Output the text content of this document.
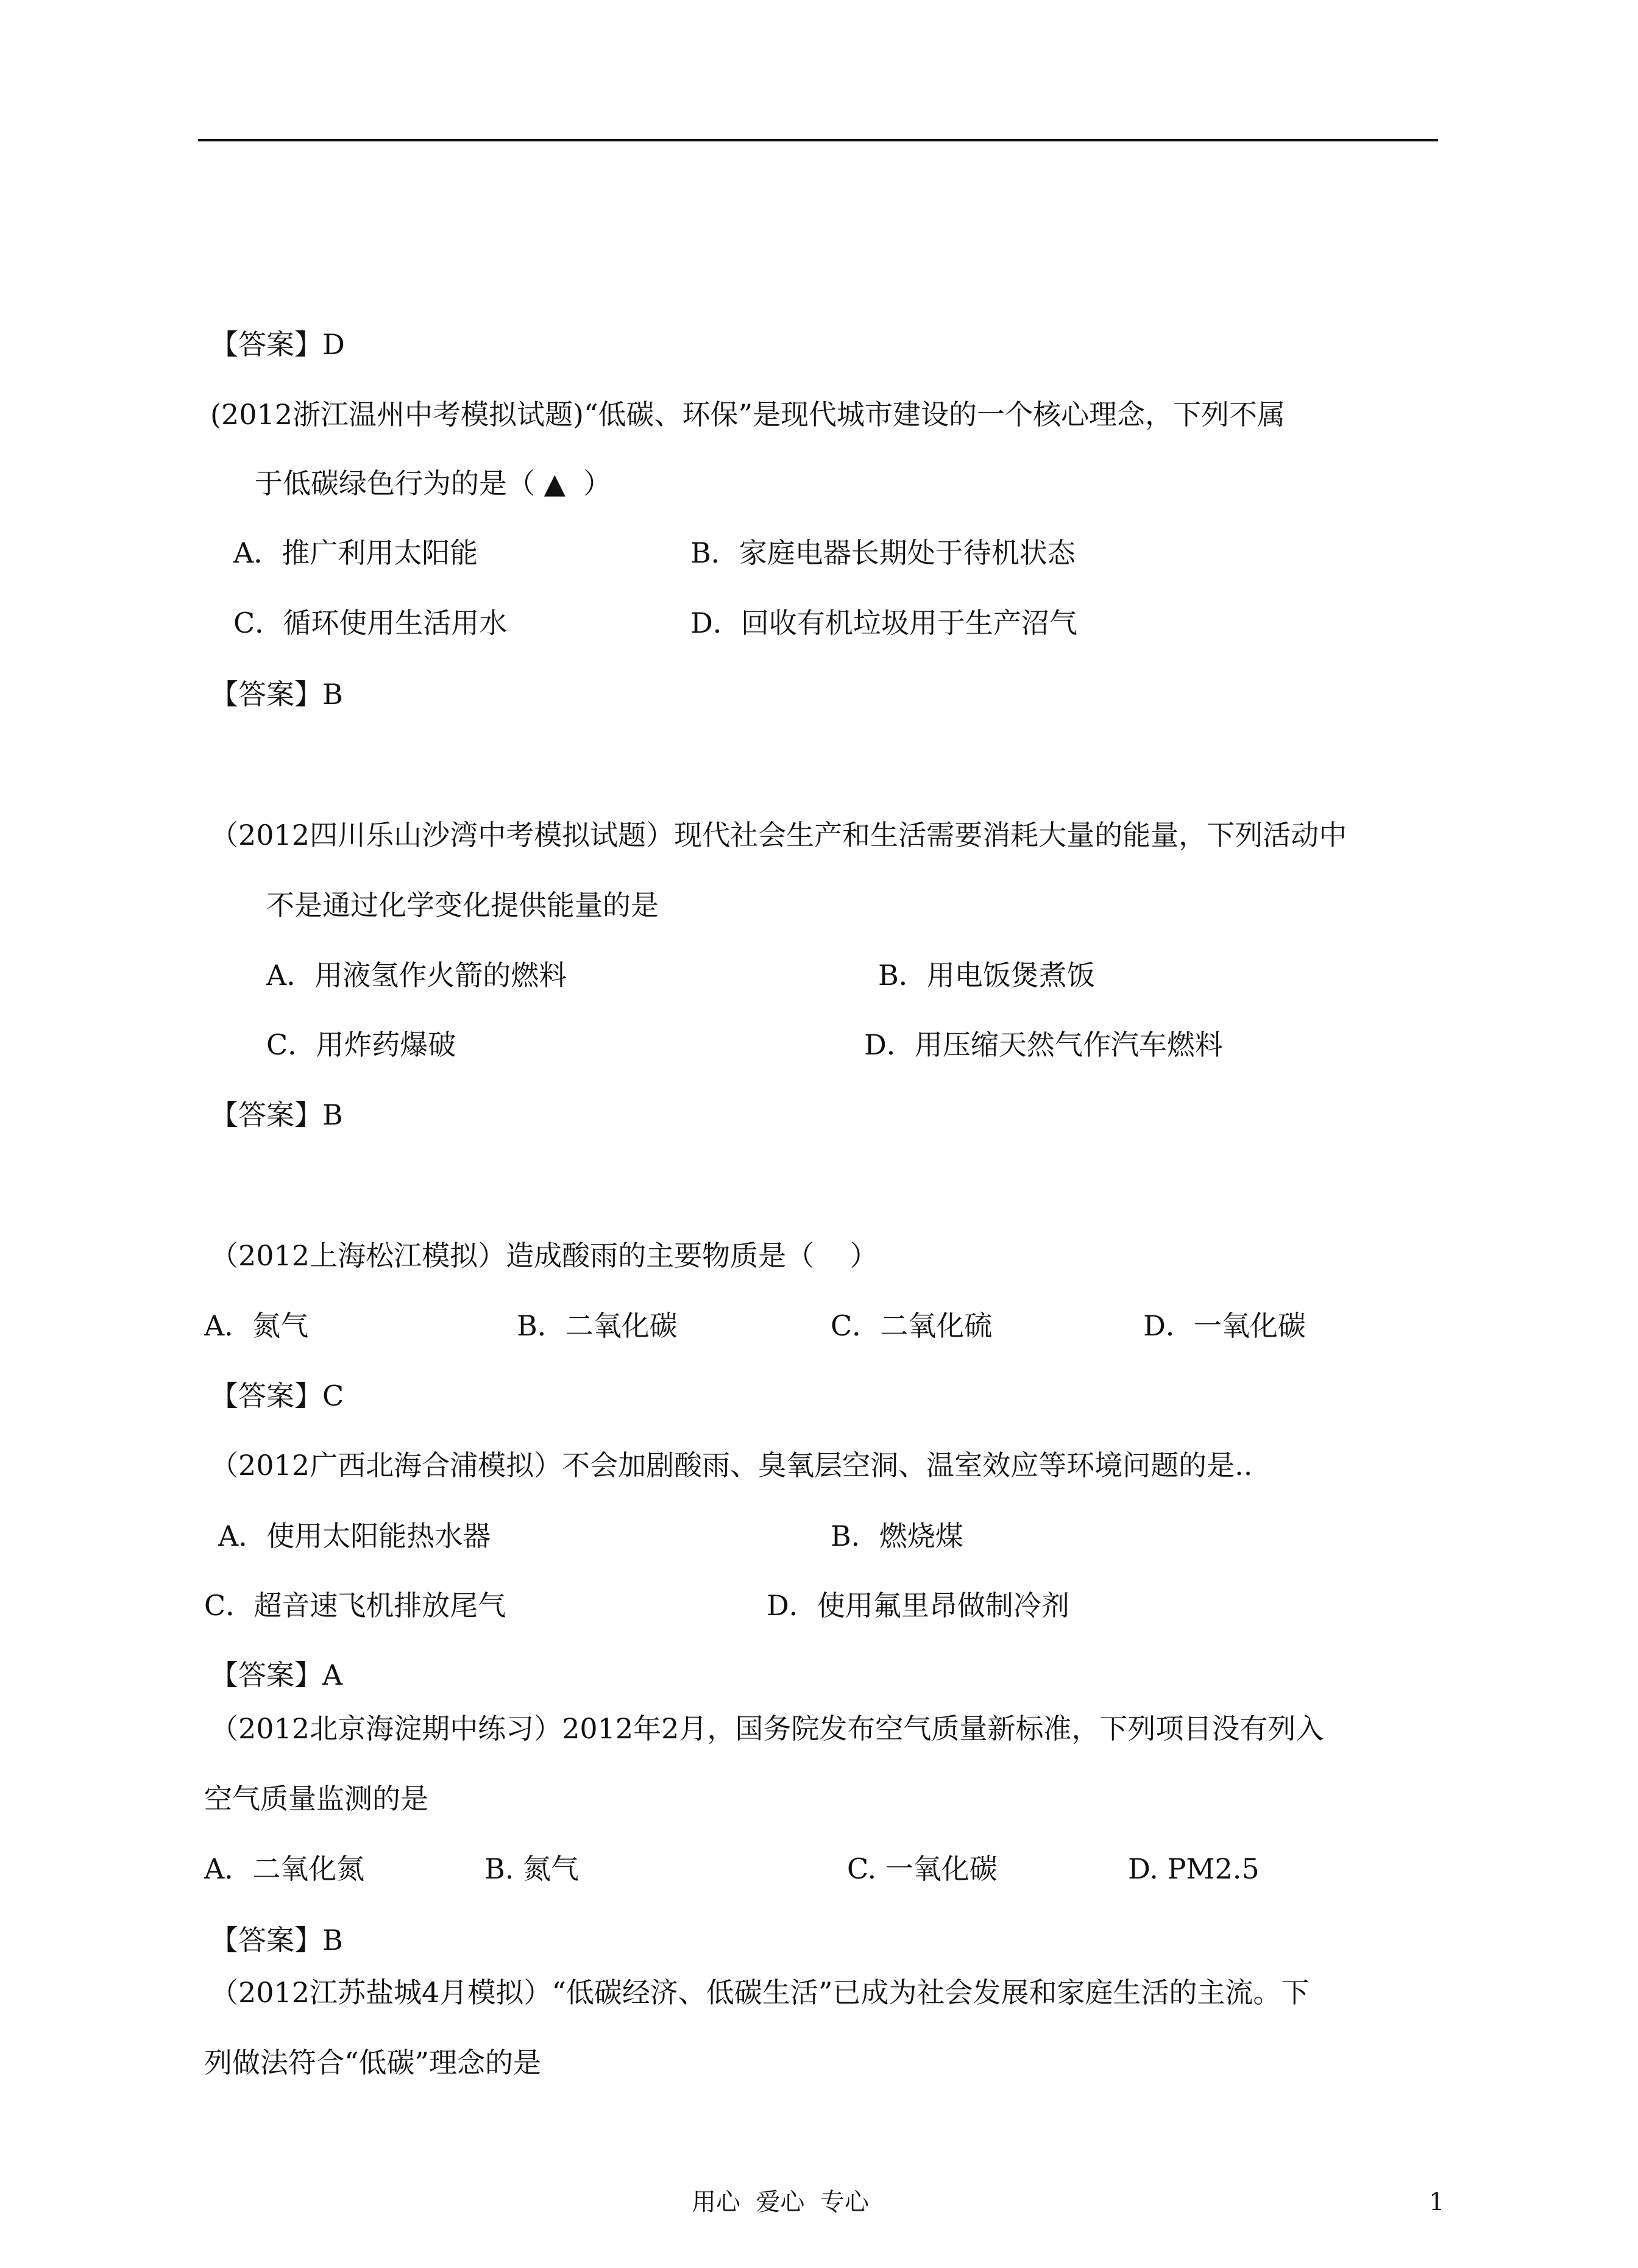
【答案】D
(2012浙江温州中考模拟试题)“低碳、环保”是现代城市建设的一个核心理念，下列不属
于低碳绿色行为的是（ ▲  ）
A．推广利用太阳能	B．家庭电器长期处于待机状态
C．循环使用生活用水	D．回收有机垃圾用于生产沼气
【答案】B
（2012四川乐山沙湾中考模拟试题）现代社会生产和生活需要消耗大量的能量，下列活动中
不是通过化学变化提供能量的是
A．用液氢作火箭的燃料	B．用电饭煲煮饭
C．用炸药爆破	D．用压缩天然气作汽车燃料
【答案】B
（2012上海松江模拟）造成酸雨的主要物质是（    ）
A．氮气	B．二氧化碳	C．二氧化硫	D．一氧化碳
【答案】C
（2012广西北海合浦模拟）不会加剧酸雨、臭氧层空洞、温室效应等环境问题的是..
A．使用太阳能热水器	B．燃烧煤
C．超音速飞机排放尾气	D．使用氟里昂做制冷剂
【答案】A
（2012北京海淀期中练习）2012年2月，国务院发布空气质量新标准，下列项目没有列入
空气质量监测的是
A．二氧化氮	B. 氮气	C. 一氧化碳	D. PM2.5
【答案】B
（2012江苏盐城4月模拟）“低碳经济、低碳生活”已成为社会发展和家庭生活的主流。下
列做法符合“低碳”理念的是
用心  爱心  专心	1
